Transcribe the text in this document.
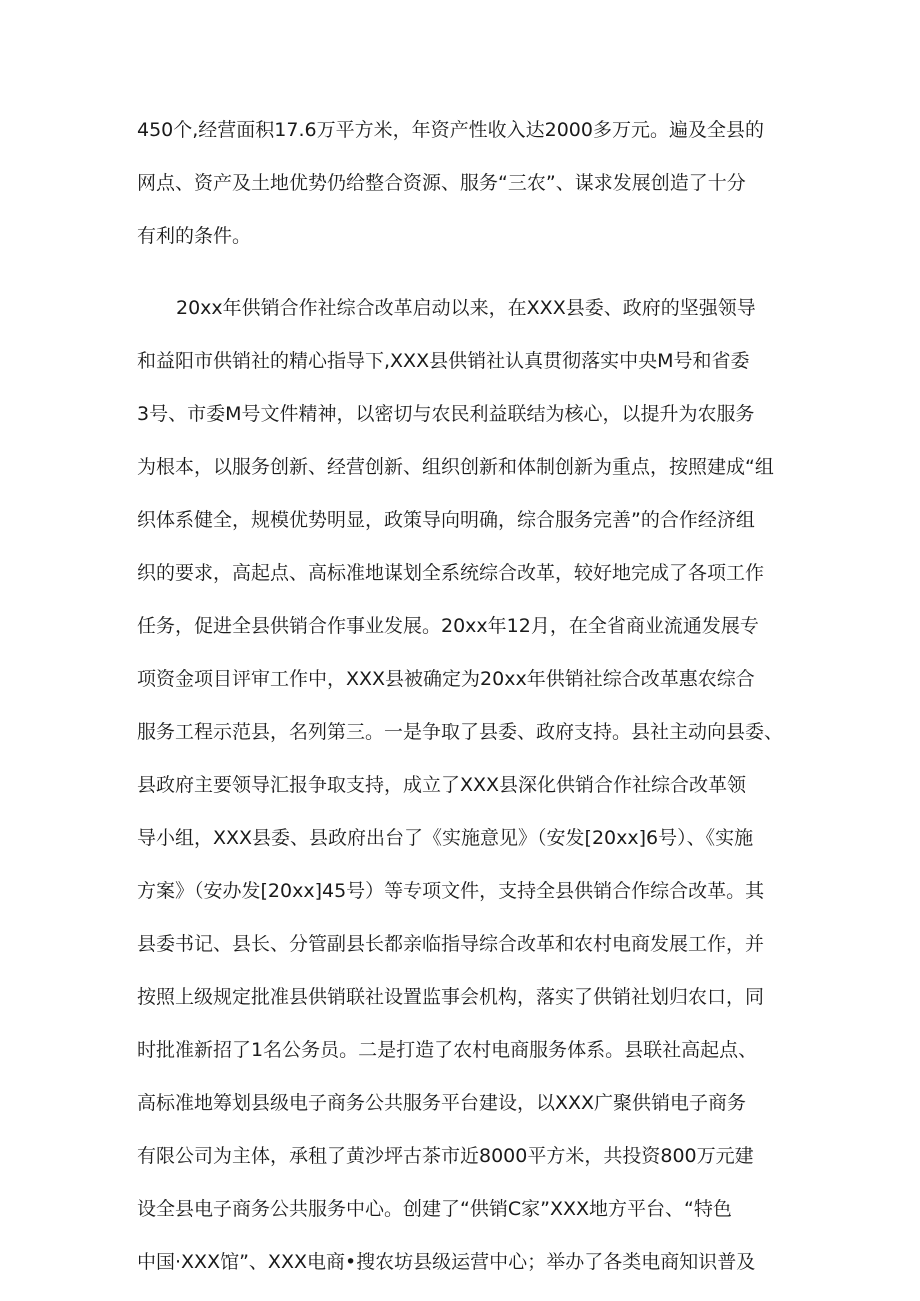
450个,经营面积17.6万平方米，年资产性收入达2000多万元。遍及全县的
网点、资产及土地优势仍给整合资源、服务“三农”、谋求发展创造了十分
有利的条件。
20xx年供销合作社综合改革启动以来，在XXX县委、政府的坚强领导
和益阳市供销社的精心指导下,XXX县供销社认真贯彻落实中央M号和省委
3号、市委M号文件精神，以密切与农民利益联结为核心，以提升为农服务
为根本，以服务创新、经营创新、组织创新和体制创新为重点，按照建成“组
织体系健全，规模优势明显，政策导向明确，综合服务完善”的合作经济组
织的要求，高起点、高标准地谋划全系统综合改革，较好地完成了各项工作
任务，促进全县供销合作事业发展。20xx年12月，在全省商业流通发展专
项资金项目评审工作中，XXX县被确定为20xx年供销社综合改革惠农综合
服务工程示范县，名列第三。一是争取了县委、政府支持。县社主动向县委、
县政府主要领导汇报争取支持，成立了XXX县深化供销合作社综合改革领
导小组，XXX县委、县政府出台了《实施意见》（安发[20xx]6号）、《实施
方案》（安办发[20xx]45号）等专项文件，支持全县供销合作综合改革。其
县委书记、县长、分管副县长都亲临指导综合改革和农村电商发展工作，并
按照上级规定批准县供销联社设置监事会机构，落实了供销社划归农口，同
时批准新招了1名公务员。二是打造了农村电商服务体系。县联社高起点、
高标准地筹划县级电子商务公共服务平台建设，以XXX广聚供销电子商务
有限公司为主体，承租了黄沙坪古茶市近8000平方米，共投资800万元建
设全县电子商务公共服务中心。创建了“供销C家”XXX地方平台、“特色
中国·XXX馆”、XXX电商•搜农坊县级运营中心；举办了各类电商知识普及
